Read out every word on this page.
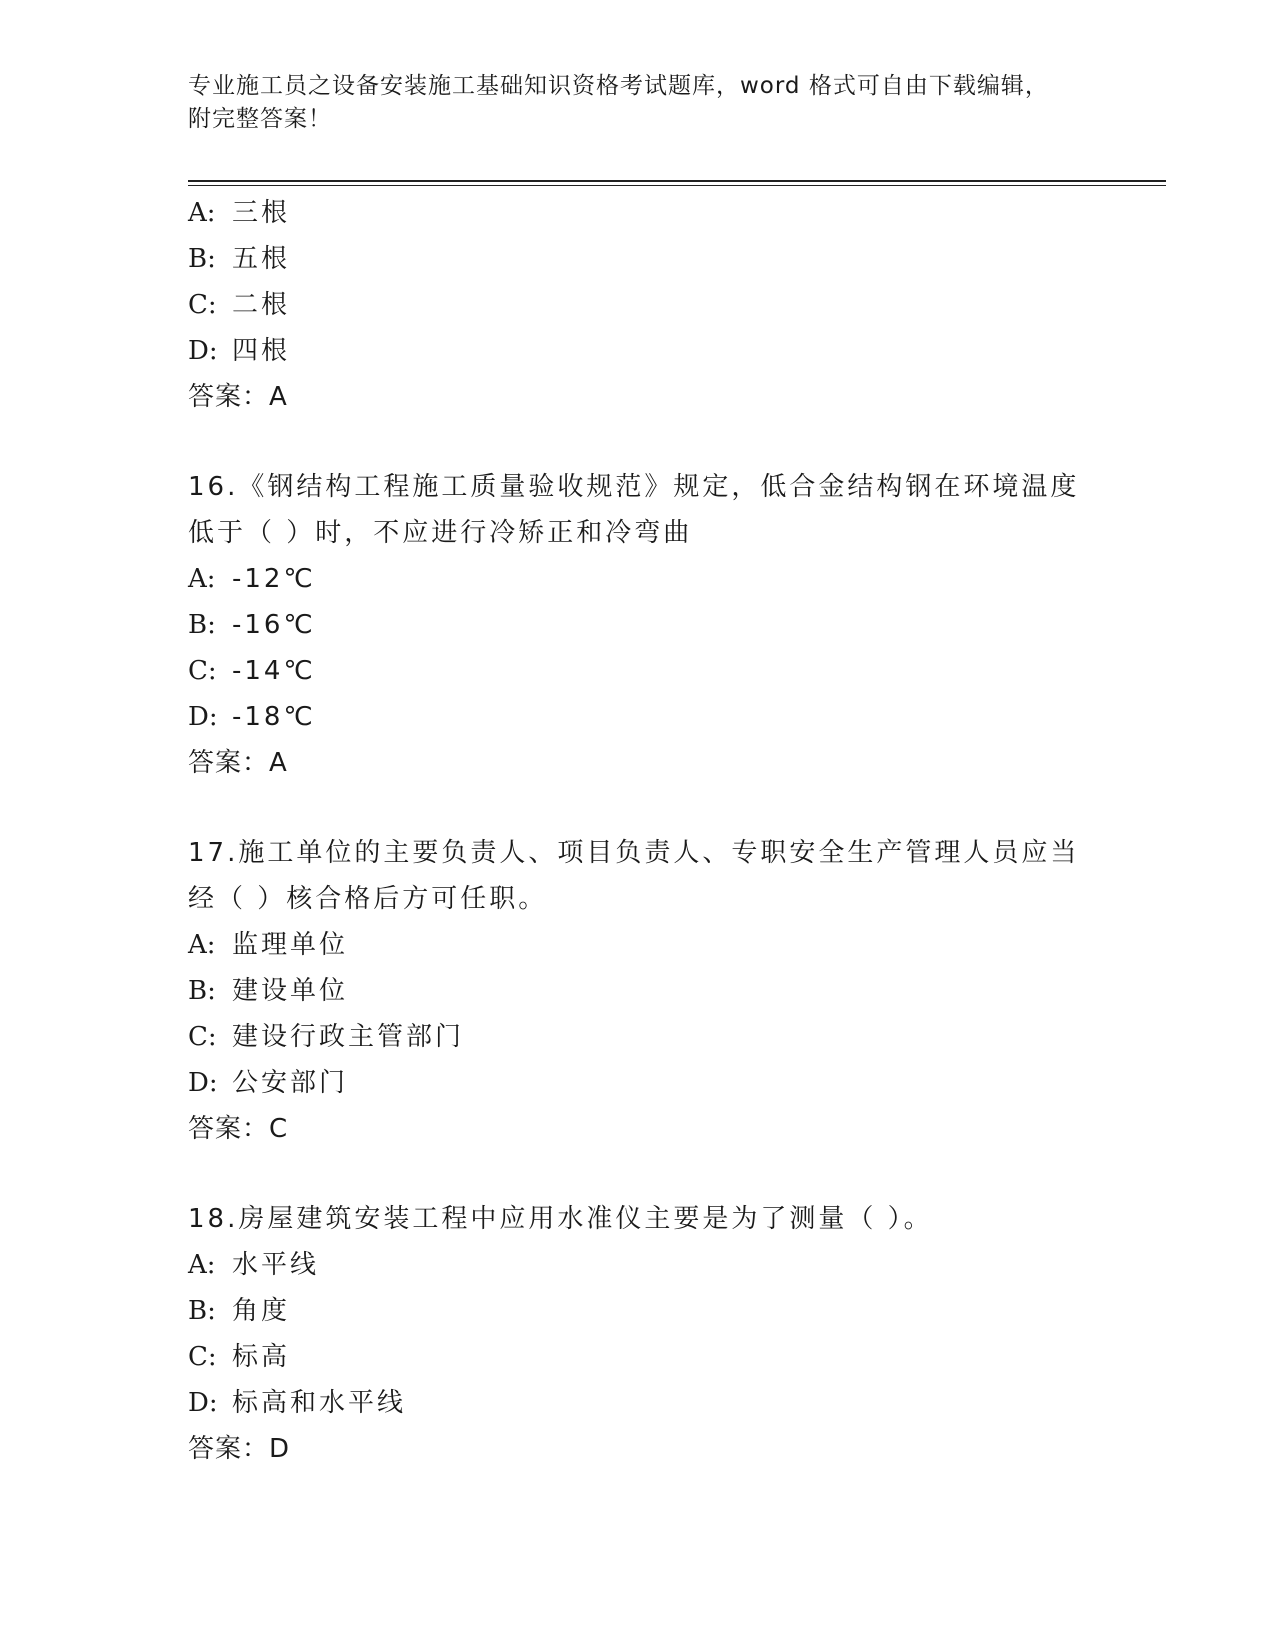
专业施工员之设备安装施工基础知识资格考试题库，word 格式可自由下载编辑，
附完整答案！
A: 三根
B: 五根
C: 二根
D: 四根
答案：A
16.《钢结构工程施工质量验收规范》规定，低合金结构钢在环境温度
低于（ ）时，不应进行冷矫正和冷弯曲
A: -12℃
B: -16℃
C: -14℃
D: -18℃
答案：A
17.施工单位的主要负责人、项目负责人、专职安全生产管理人员应当
经（ ）核合格后方可任职。
A: 监理单位
B: 建设单位
C: 建设行政主管部门
D: 公安部门
答案：C
18.房屋建筑安装工程中应用水准仪主要是为了测量（ ）。
A: 水平线
B: 角度
C: 标高
D: 标高和水平线
答案：D
